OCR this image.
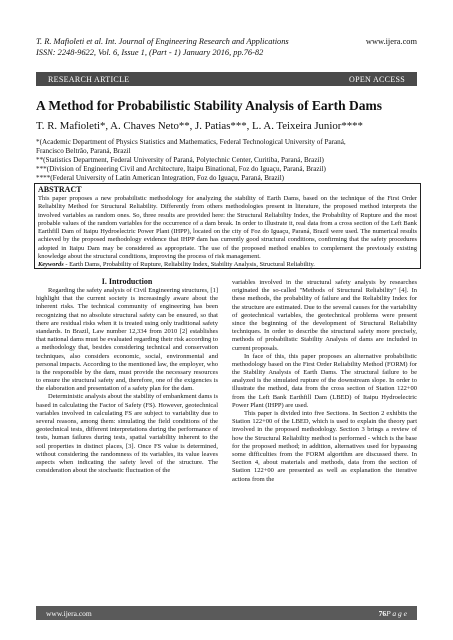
T. R. Mafioleti et al. Int. Journal of Engineering Research and Applications	www.ijera.com
ISSN: 2248-9622, Vol. 6, Issue 1, (Part - 1) January 2016, pp.76-82
RESEARCH ARTICLE	OPEN ACCESS
A Method for Probabilistic Stability Analysis of Earth Dams
T. R. Mafioleti*, A. Chaves Neto**, J. Patias***, L. A. Teixeira Junior****
*(Academic Department of Physics Statistics and Mathematics, Federal Technological University of Paraná,
Francisco Beltrão, Paraná, Brazil
**(Statistics Department, Federal University of Paraná, Polytechnic Center, Curitiba, Paraná, Brazil)
***(Division of Engineering Civil and Architecture, Itaipu Binational, Foz do Iguaçu, Paraná, Brazil)
****(Federal University of Latin American Integration, Foz do Iguaçu, Paraná, Brazil)
ABSTRACT
This paper proposes a new probabilistic methodology for analyzing the stability of Earth Dams, based on the technique of the First Order Reliability Method for Structural Reliability. Differently from others methodologies present in literature, the proposed method interprets the involved variables as random ones. So, three results are provided here: the Structural Reliability Index, the Probability of Rupture and the most probable values of the random variables for the occurrence of a dam break. In order to illustrate it, real data from a cross section of the Left Bank Earthfill Dam of Itaipu Hydroelectric Power Plant (IHPP), located on the city of Foz do Iguaçu, Paraná, Brazil were used. The numerical results achieved by the proposed methodology evidence that IHPP dam has currently good structural conditions, confirming that the safety procedures adopted in Itaipu Dam may be considered as appropriate. The use of the proposed method enables to complement the previously existing knowledge about the structural conditions, improving the process of risk management.
Keywords - Earth Dams, Probability of Rupture, Reliability Index, Stability Analysis, Structural Reliability.
I. Introduction

Regarding the safety analysis of Civil Engineering structures, [1] highlight that the current society is increasingly aware about the inherent risks. The technical community of engineering has been recognizing that no absolute structural safety can be ensured, so that there are residual risks when it is treated using only traditional safety standards. In Brazil, Law number 12,334 from 2010 [2] establishes that national dams must be evaluated regarding their risk according to a methodology that, besides considering technical and conservation techniques, also considers economic, social, environmental and personal impacts. According to the mentioned law, the employer, who is the responsible by the dam, must provide the necessary resources to ensure the structural safety and, therefore, one of the exigencies is the elaboration and presentation of a safety plan for the dam.

Deterministic analysis about the stability of embankment dams is based in calculating the Factor of Safety (FS). However, geotechnical variables involved in calculating FS are subject to variability due to several reasons, among them: simulating the field conditions of the geotechnical tests, different interpretations during the performance of tests, human failures during tests, spatial variability inherent to the soil properties in distinct places, [3]. Once FS value is determined, without considering the randomness of its variables, its value leaves aspects when indicating the safety level of the structure. The consideration about the stochastic fluctuation of the

variables involved in the structural safety analysis by researches originated the so-called "Methods of Structural Reliability" [4]. In these methods, the probability of failure and the Reliability Index for the structure are estimated. Due to the several causes for the variability of geotechnical variables, the geotechnical problems were present since the beginning of the development of Structural Reliability techniques. In order to describe the structural safety more precisely, methods of probabilistic Stability Analysis of dams are included in current proposals.

In face of this, this paper proposes an alternative probabilistic methodology based on the First Order Reliability Method (FORM) for the Stability Analysis of Earth Dams. The structural failure to be analyzed is the simulated rupture of the downstream slope. In order to illustrate the method, data from the cross section of Station 122+00 from the Left Bank Earthfill Dam (LBED) of Itaipu Hydroelectric Power Plant (IHPP) are used.

This paper is divided into five Sections. In Section 2 exhibits the Station 122+00 of the LBED, which is used to explain the theory part involved in the proposed methodology. Section 3 brings a review of how the Structural Reliability method is performed - which is the base for the proposed method; in addition, alternatives used for bypassing some difficulties from the FORM algorithm are discussed there. In Section 4, about materials and methods, data from the section of Station 122+00 are presented as well as explanation the iterative actions from the

www.ijera.com	76P a g e
